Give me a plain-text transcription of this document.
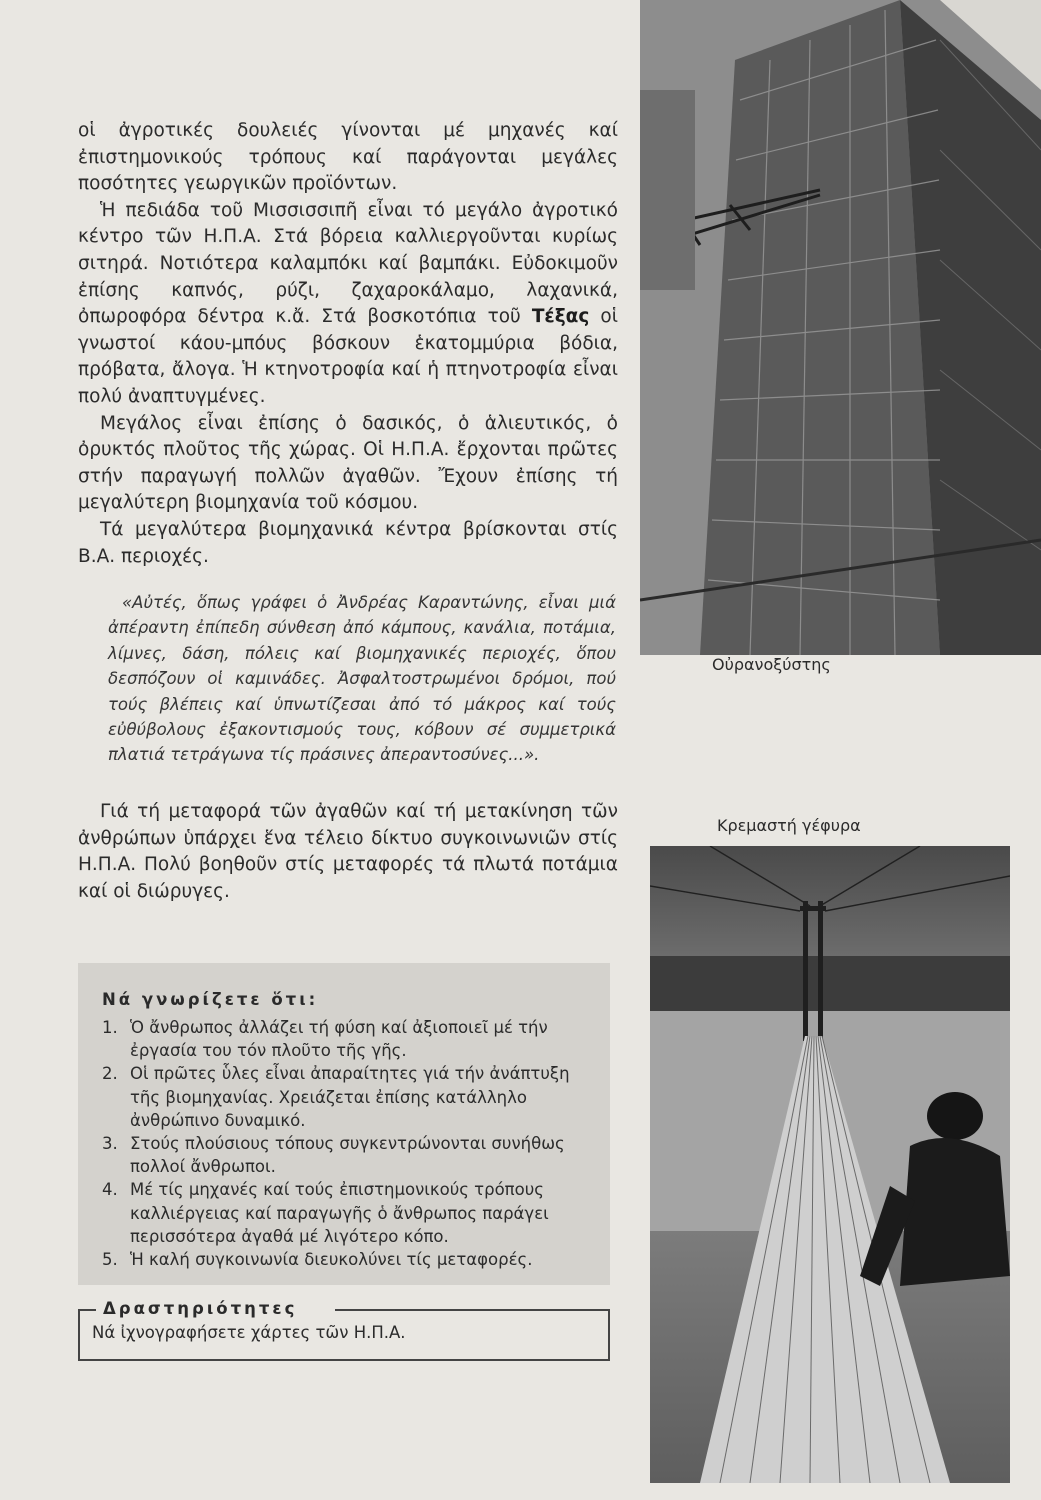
οἱ ἀγροτικές δουλειές γίνονται μέ μηχανές καί ἐπιστημονικούς τρόπους καί παράγονται μεγάλες ποσότητες γεωργικῶν προϊόντων.

Ἡ πεδιάδα τοῦ Μισσισσιπῆ εἶναι τό μεγάλο ἀγροτικό κέντρο τῶν Η.Π.Α. Στά βόρεια καλλιεργοῦνται κυρίως σιτηρά. Νοτιότερα καλαμπόκι καί βαμπάκι. Εὐδοκιμοῦν ἐπίσης καπνός, ρύζι, ζαχαροκάλαμο, λαχανικά, ὀπωροφόρα δέντρα κ.ἄ. Στά βοσκοτόπια τοῦ Τέξας οἱ γνωστοί κάου-μπόυς βόσκουν ἑκατομμύρια βόδια, πρόβατα, ἄλογα. Ἡ κτηνοτροφία καί ἡ πτηνοτροφία εἶναι πολύ ἀναπτυγμένες.

Μεγάλος εἶναι ἐπίσης ὁ δασικός, ὁ ἁλιευτικός, ὁ ὀρυκτός πλοῦτος τῆς χώρας. Οἱ Η.Π.Α. ἔρχονται πρῶτες στήν παραγωγή πολλῶν ἀγαθῶν. Ἔχουν ἐπίσης τή μεγαλύτερη βιομηχανία τοῦ κόσμου.

Τά μεγαλύτερα βιομηχανικά κέντρα βρίσκονται στίς Β.Α. περιοχές.

«Αὐτές, ὅπως γράφει ὁ Ἀνδρέας Καραντώνης, εἶναι μιά ἀπέραντη ἐπίπεδη σύνθεση ἀπό κάμπους, κανάλια, ποτάμια, λίμνες, δάση, πόλεις καί βιομηχανικές περιοχές, ὅπου δεσπόζουν οἱ καμινάδες. Ἀσφαλτοστρωμένοι δρόμοι, πού τούς βλέπεις καί ὑπνωτίζεσαι ἀπό τό μάκρος καί τούς εὐθύβολους ἐξακοντισμούς τους, κόβουν σέ συμμετρικά πλατιά τετράγωνα τίς πράσινες ἀπεραντοσύνες...».

Γιά τή μεταφορά τῶν ἀγαθῶν καί τή μετακίνηση τῶν ἀνθρώπων ὑπάρχει ἕνα τέλειο δίκτυο συγκοινωνιῶν στίς Η.Π.Α. Πολύ βοηθοῦν στίς μεταφορές τά πλωτά ποτάμια καί οἱ διώρυγες.

Νά γνωρίζετε ὅτι:
1. Ὁ ἄνθρωπος ἀλλάζει τή φύση καί ἀξιοποιεῖ μέ τήν ἐργασία του τόν πλοῦτο τῆς γῆς.
2. Οἱ πρῶτες ὗλες εἶναι ἀπαραίτητες γιά τήν ἀνάπτυξη τῆς βιομηχανίας. Χρειάζεται ἐπίσης κατάλληλο ἀνθρώπινο δυναμικό.
3. Στούς πλούσιους τόπους συγκεντρώνονται συνήθως πολλοί ἄνθρωποι.
4. Μέ τίς μηχανές καί τούς ἐπιστημονικούς τρόπους καλλιέργειας καί παραγωγῆς ὁ ἄνθρωπος παράγει περισσότερα ἀγαθά μέ λιγότερο κόπο.
5. Ἡ καλή συγκοινωνία διευκολύνει τίς μεταφορές.
Δραστηριότητες
Νά ἰχνογραφήσετε χάρτες τῶν Η.Π.Α.
Οὐρανοξύστης
Κρεμαστή γέφυρα
